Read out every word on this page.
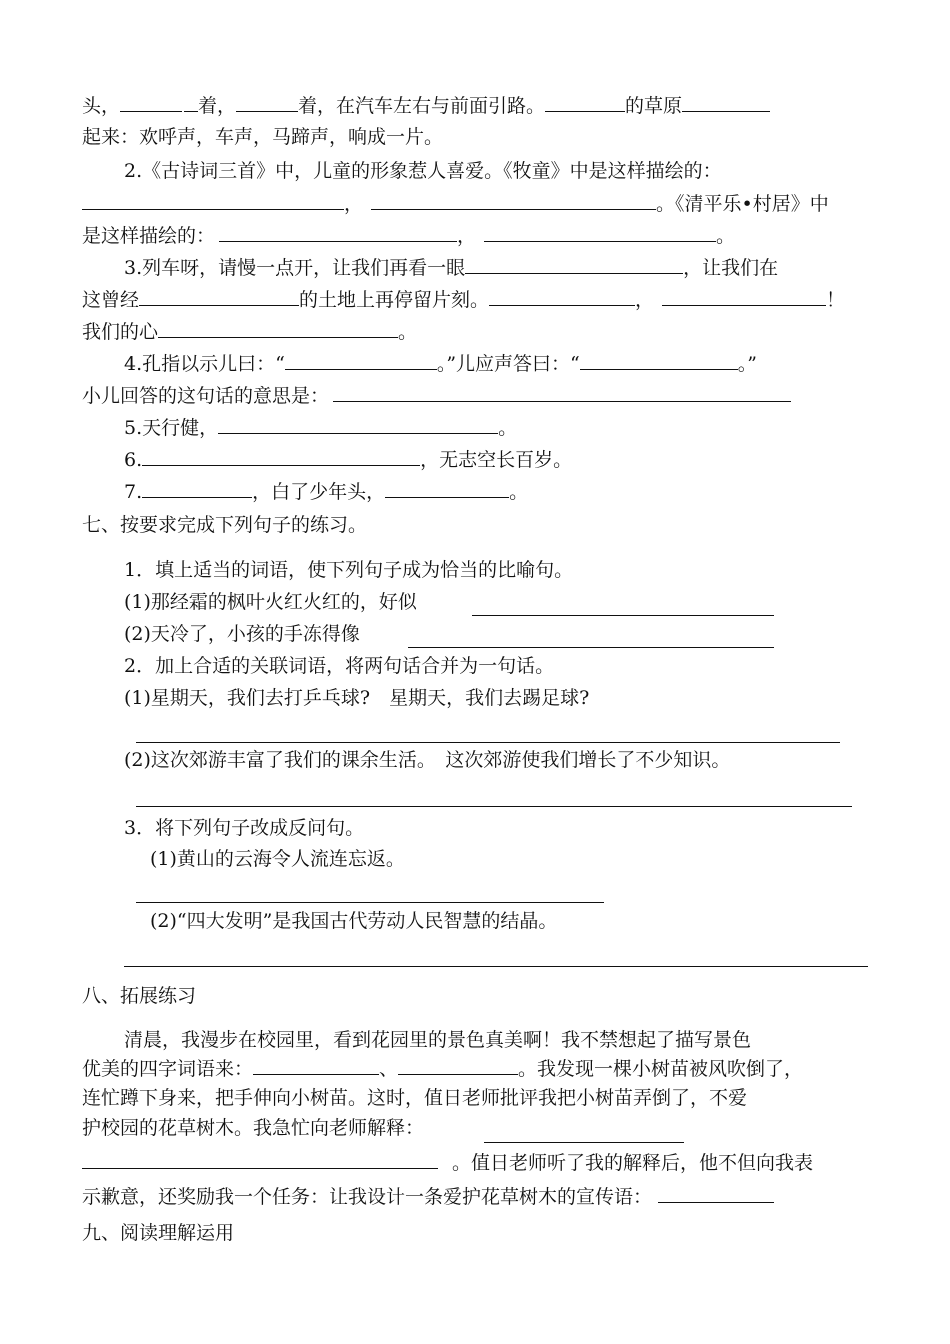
头，	着，	着，在汽车左右与前面引路。	的草原
起来：欢呼声，车声，马蹄声，响成一片。
2.《古诗词三首》中，儿童的形象惹人喜爱。《牧童》中是这样描绘的：
，	。《清平乐•村居》中
是这样描绘的：	，	。
3.列车呀，请慢一点开，让我们再看一眼	，让我们在
这曾经	的土地上再停留片刻。	，	！
我们的心	。
4.孔指以示儿曰：“	。”儿应声答曰：“	。”
小儿回答的这句话的意思是：
5.天行健，	。
6.	，无志空长百岁。
7.	，白了少年头，	。
七、按要求完成下列句子的练习。
1．填上适当的词语，使下列句子成为恰当的比喻句。
(1)那经霜的枫叶火红火红的，好似
(2)天冷了，小孩的手冻得像
2．加上合适的关联词语，将两句话合并为一句话。
(1)星期天，我们去打乒乓球?　星期天，我们去踢足球?
(2)这次郊游丰富了我们的课余生活。　这次郊游使我们增长了不少知识。
3．将下列句子改成反问句。
(1)黄山的云海令人流连忘返。
(2)“四大发明”是我国古代劳动人民智慧的结晶。
八、拓展练习
清晨，我漫步在校园里，看到花园里的景色真美啊！我不禁想起了描写景色
优美的四字词语来：	、	。我发现一棵小树苗被风吹倒了，
连忙蹲下身来，把手伸向小树苗。这时，值日老师批评我把小树苗弄倒了，不爱
护校园的花草树木。我急忙向老师解释：
。值日老师听了我的解释后，他不但向我表
示歉意，还奖励我一个任务：让我设计一条爱护花草树木的宣传语：
九、阅读理解运用
